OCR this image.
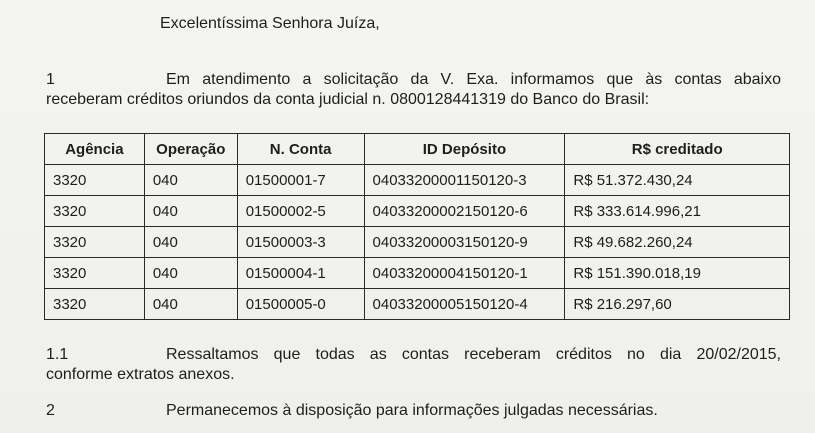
Excelentíssima Senhora Juíza,
1	Em atendimento a solicitação da V. Exa. informamos que às contas abaixo
receberam créditos oriundos da conta judicial n. 0800128441319 do Banco do Brasil:
Agência	Operação	N. Conta	ID Depósito	R$ creditado
3320	040	01500001-7	04033200001150120-3	R$ 51.372.430,24
3320	040	01500002-5	04033200002150120-6	R$ 333.614.996,21
3320	040	01500003-3	04033200003150120-9	R$ 49.682.260,24
3320	040	01500004-1	04033200004150120-1	R$ 151.390.018,19
3320	040	01500005-0	04033200005150120-4	R$ 216.297,60
1.1	Ressaltamos que todas as contas receberam créditos no dia 20/02/2015,
conforme extratos anexos.
2	Permanecemos à disposição para informações julgadas necessárias.
